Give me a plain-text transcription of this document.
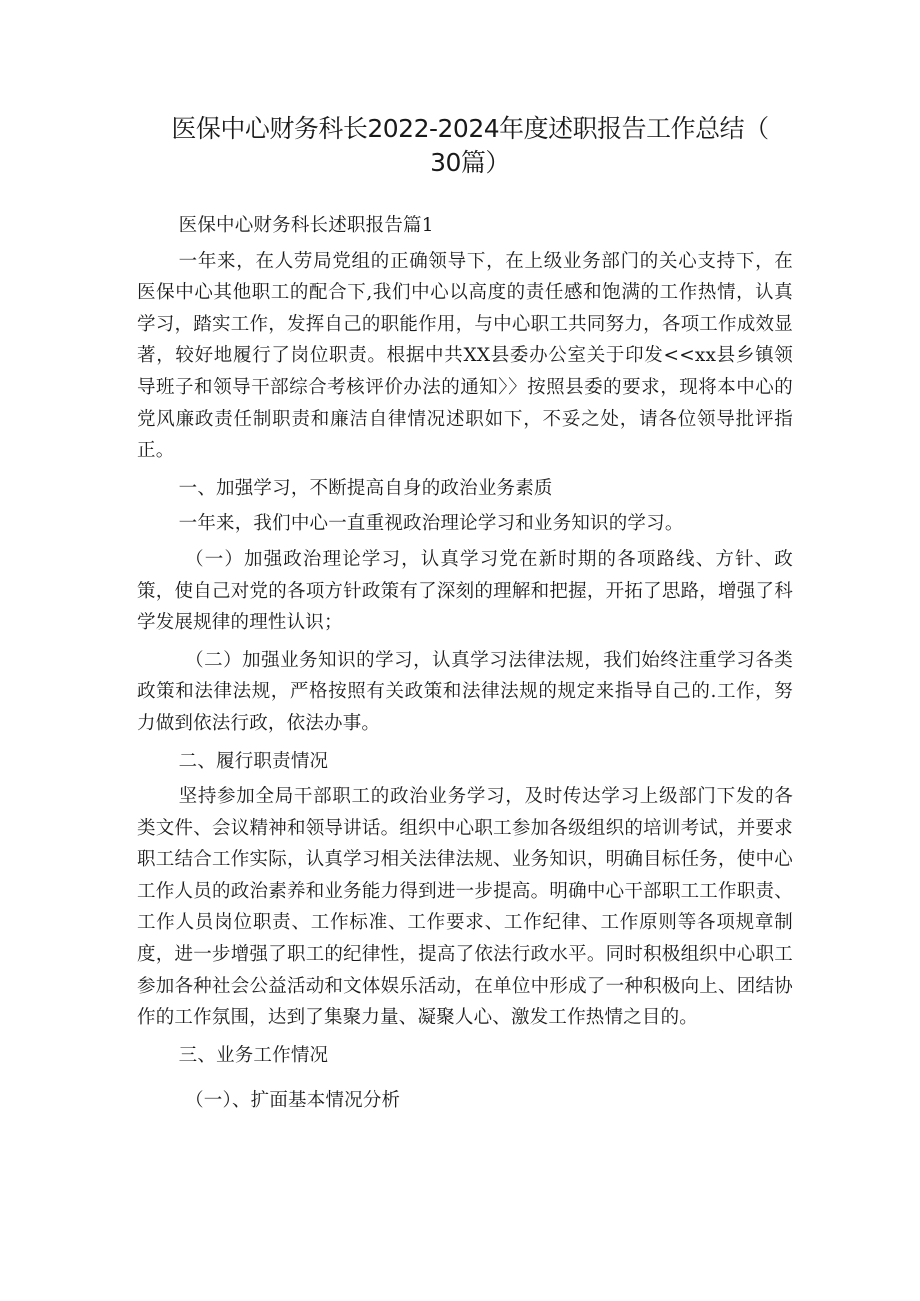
医保中心财务科长2022-2024年度述职报告工作总结（
30篇）

医保中心财务科长述职报告篇1

一年来，在人劳局党组的正确领导下，在上级业务部门的关心支持下，在医保中心其他职工的配合下,我们中心以高度的责任感和饱满的工作热情，认真学习，踏实工作，发挥自己的职能作用，与中心职工共同努力，各项工作成效显著，较好地履行了岗位职责。根据中共XX县委办公室关于印发<<xx县乡镇领导班子和领导干部综合考核评价办法的通知〉〉按照县委的要求，现将本中心的党风廉政责任制职责和廉洁自律情况述职如下，不妥之处，请各位领导批评指正。

一、加强学习，不断提高自身的政治业务素质

一年来，我们中心一直重视政治理论学习和业务知识的学习。

（一）加强政治理论学习，认真学习党在新时期的各项路线、方针、政策，使自己对党的各项方针政策有了深刻的理解和把握，开拓了思路，增强了科学发展规律的理性认识；

（二）加强业务知识的学习，认真学习法律法规，我们始终注重学习各类政策和法律法规，严格按照有关政策和法律法规的规定来指导自己的.工作，努力做到依法行政，依法办事。

二、履行职责情况

坚持参加全局干部职工的政治业务学习，及时传达学习上级部门下发的各类文件、会议精神和领导讲话。组织中心职工参加各级组织的培训考试，并要求职工结合工作实际，认真学习相关法律法规、业务知识，明确目标任务，使中心工作人员的政治素养和业务能力得到进一步提高。明确中心干部职工工作职责、工作人员岗位职责、工作标准、工作要求、工作纪律、工作原则等各项规章制度，进一步增强了职工的纪律性，提高了依法行政水平。同时积极组织中心职工参加各种社会公益活动和文体娱乐活动，在单位中形成了一种积极向上、团结协作的工作氛围，达到了集聚力量、凝聚人心、激发工作热情之目的。

三、业务工作情况

（一）、扩面基本情况分析
